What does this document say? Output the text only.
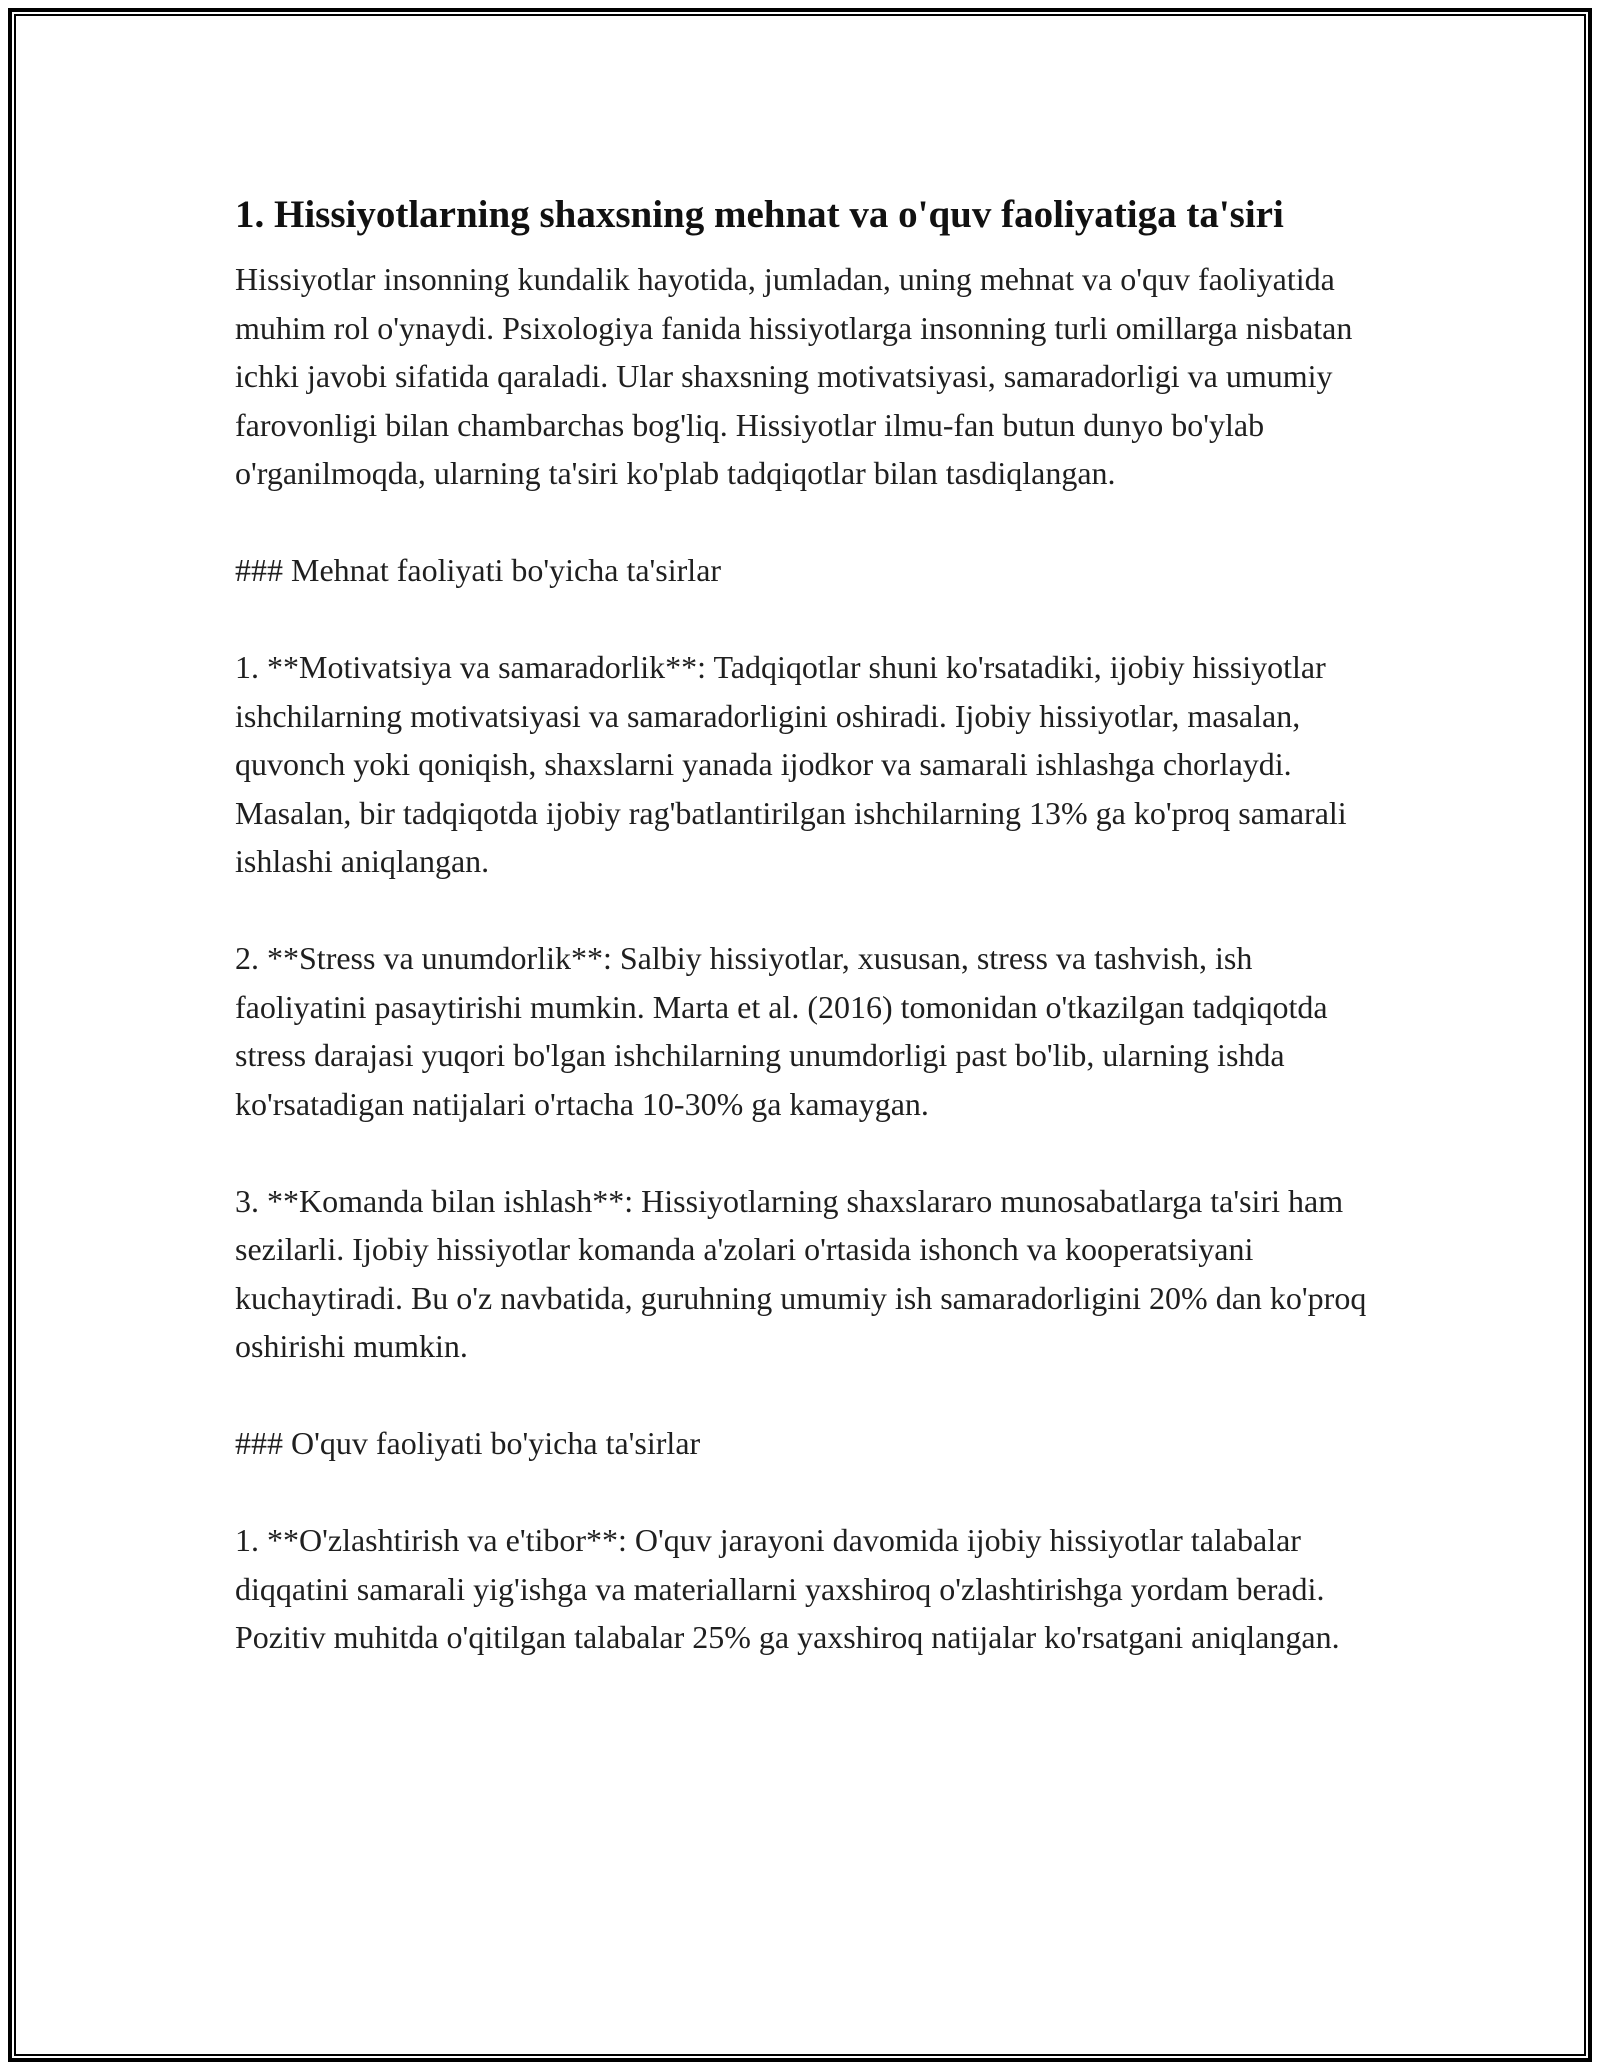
1. Hissiyotlarning shaxsning mehnat va o'quv faoliyatiga ta'siri

Hissiyotlar insonning kundalik hayotida, jumladan, uning mehnat va o'quv faoliyatida muhim rol o'ynaydi. Psixologiya fanida hissiyotlarga insonning turli omillarga nisbatan ichki javobi sifatida qaraladi. Ular shaxsning motivatsiyasi, samaradorligi va umumiy farovonligi bilan chambarchas bog'liq. Hissiyotlar ilmu-fan butun dunyo bo'ylab o'rganilmoqda, ularning ta'siri ko'plab tadqiqotlar bilan tasdiqlangan.

### Mehnat faoliyati bo'yicha ta'sirlar

1. **Motivatsiya va samaradorlik**: Tadqiqotlar shuni ko'rsatadiki, ijobiy hissiyotlar ishchilarning motivatsiyasi va samaradorligini oshiradi. Ijobiy hissiyotlar, masalan, quvonch yoki qoniqish, shaxslarni yanada ijodkor va samarali ishlashga chorlaydi. Masalan, bir tadqiqotda ijobiy rag'batlantirilgan ishchilarning 13% ga ko'proq samarali ishlashi aniqlangan.

2. **Stress va unumdorlik**: Salbiy hissiyotlar, xususan, stress va tashvish, ish faoliyatini pasaytirishi mumkin. Marta et al. (2016) tomonidan o'tkazilgan tadqiqotda stress darajasi yuqori bo'lgan ishchilarning unumdorligi past bo'lib, ularning ishda ko'rsatadigan natijalari o'rtacha 10-30% ga kamaygan.

3. **Komanda bilan ishlash**: Hissiyotlarning shaxslararo munosabatlarga ta'siri ham sezilarli. Ijobiy hissiyotlar komanda a'zolari o'rtasida ishonch va kooperatsiyani kuchaytiradi. Bu o'z navbatida, guruhning umumiy ish samaradorligini 20% dan ko'proq oshirishi mumkin.

### O'quv faoliyati bo'yicha ta'sirlar

1. **O'zlashtirish va e'tibor**: O'quv jarayoni davomida ijobiy hissiyotlar talabalar diqqatini samarali yig'ishga va materiallarni yaxshiroq o'zlashtirishga yordam beradi. Pozitiv muhitda o'qitilgan talabalar 25% ga yaxshiroq natijalar ko'rsatgani aniqlangan.
